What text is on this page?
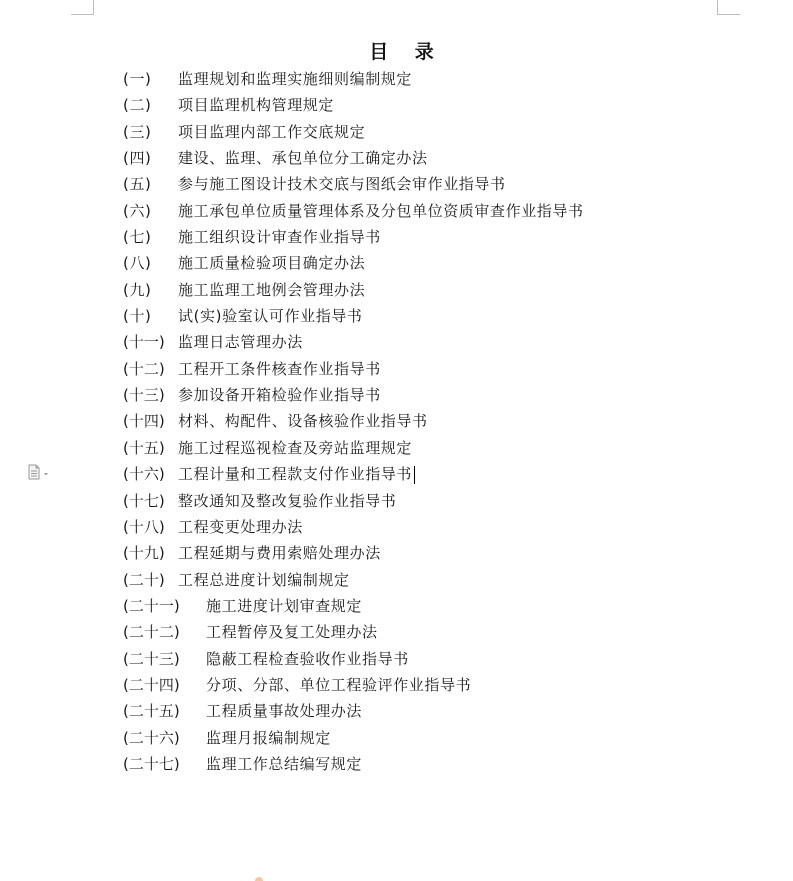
目 录
(一) 监理规划和监理实施细则编制规定
(二) 项目监理机构管理规定
(三) 项目监理内部工作交底规定
(四) 建设、监理、承包单位分工确定办法
(五) 参与施工图设计技术交底与图纸会审作业指导书
(六) 施工承包单位质量管理体系及分包单位资质审查作业指导书
(七) 施工组织设计审查作业指导书
(八) 施工质量检验项目确定办法
(九) 施工监理工地例会管理办法
(十) 试(实)验室认可作业指导书
(十一) 监理日志管理办法
(十二) 工程开工条件核查作业指导书
(十三) 参加设备开箱检验作业指导书
(十四) 材料、构配件、设备核验作业指导书
(十五) 施工过程巡视检查及旁站监理规定
(十六) 工程计量和工程款支付作业指导书
(十七) 整改通知及整改复验作业指导书
(十八) 工程变更处理办法
(十九) 工程延期与费用索赔处理办法
(二十) 工程总进度计划编制规定
(二十一) 施工进度计划审查规定
(二十二) 工程暂停及复工处理办法
(二十三) 隐蔽工程检查验收作业指导书
(二十四) 分项、分部、单位工程验评作业指导书
(二十五) 工程质量事故处理办法
(二十六) 监理月报编制规定
(二十七) 监理工作总结编写规定
